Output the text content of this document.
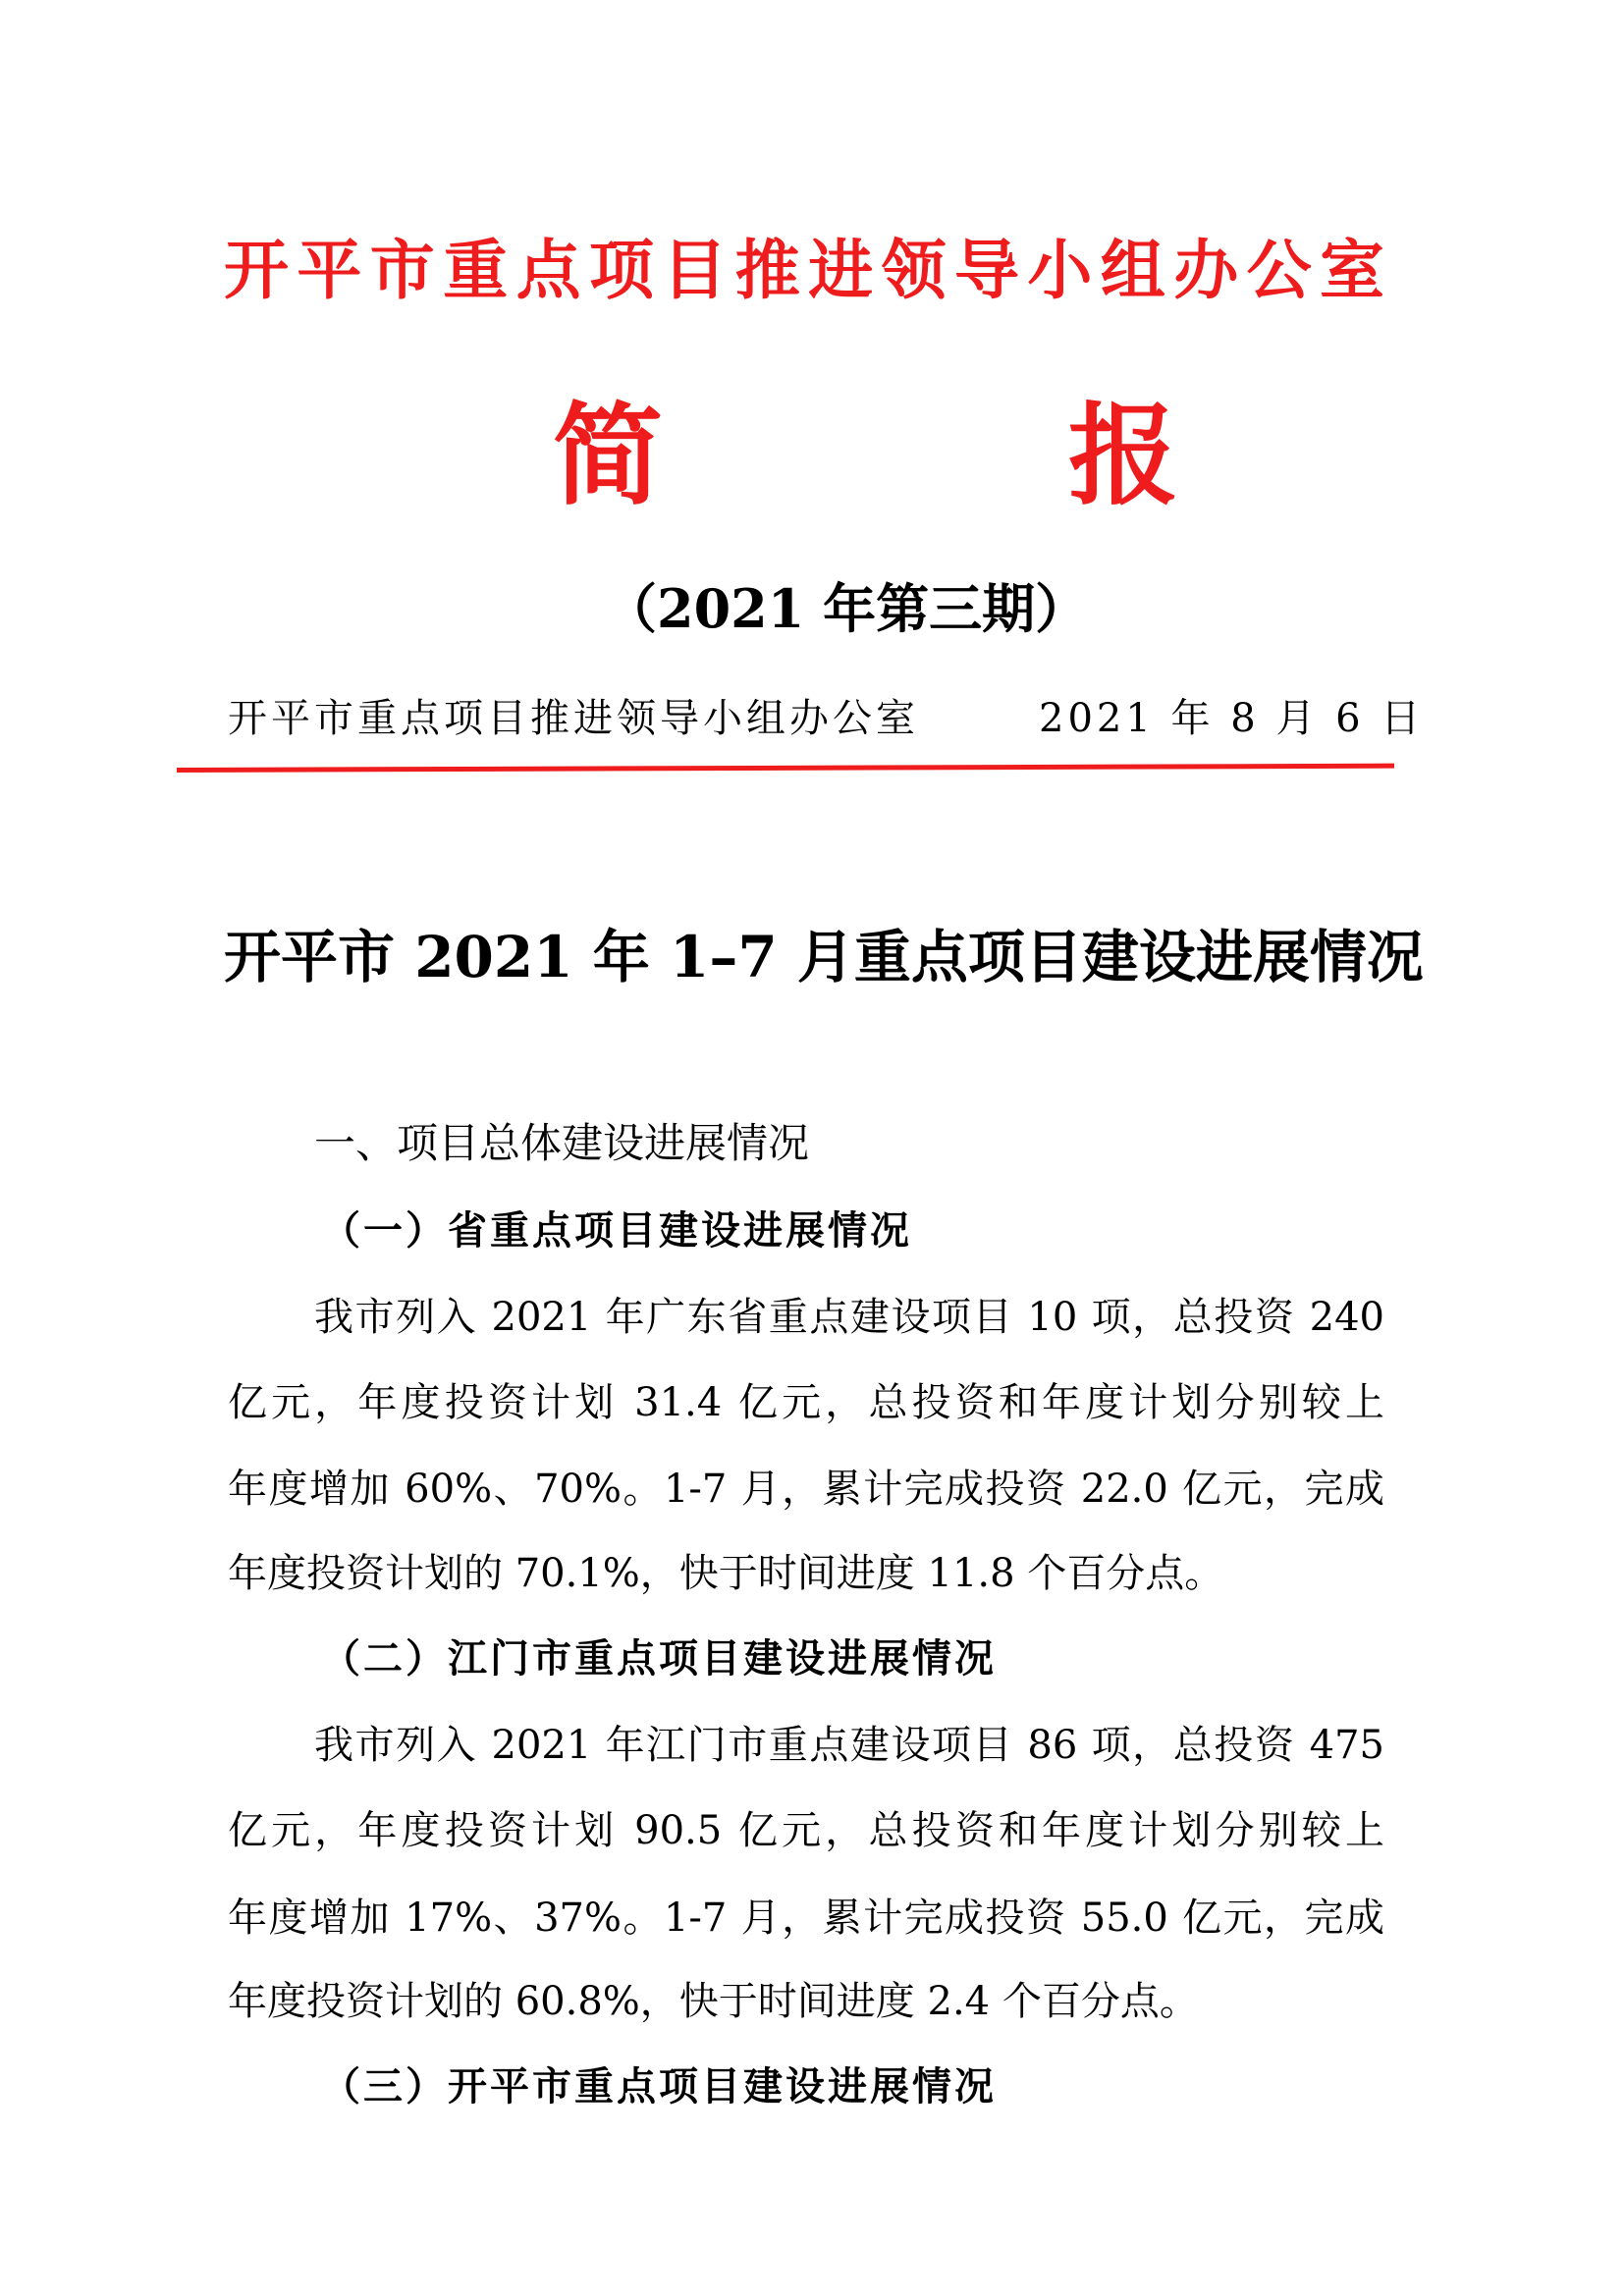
开平市重点项目推进领导小组办公室
简	报
（2021 年第三期）
开平市重点项目推进领导小组办公室	2021 年 8 月 6 日
开平市 2021 年 1–7 月重点项目建设进展情况
一、项目总体建设进展情况
（一）省重点项目建设进展情况
我市列入 2021 年广东省重点建设项目 10 项，总投资 240
亿元，年度投资计划 31.4 亿元，总投资和年度计划分别较上
年度增加 60%、70%。1-7 月，累计完成投资 22.0 亿元，完成
年度投资计划的 70.1%，快于时间进度 11.8 个百分点。
（二）江门市重点项目建设进展情况
我市列入 2021 年江门市重点建设项目 86 项，总投资 475
亿元，年度投资计划 90.5 亿元，总投资和年度计划分别较上
年度增加 17%、37%。1-7 月，累计完成投资 55.0 亿元，完成
年度投资计划的 60.8%，快于时间进度 2.4 个百分点。
（三）开平市重点项目建设进展情况
